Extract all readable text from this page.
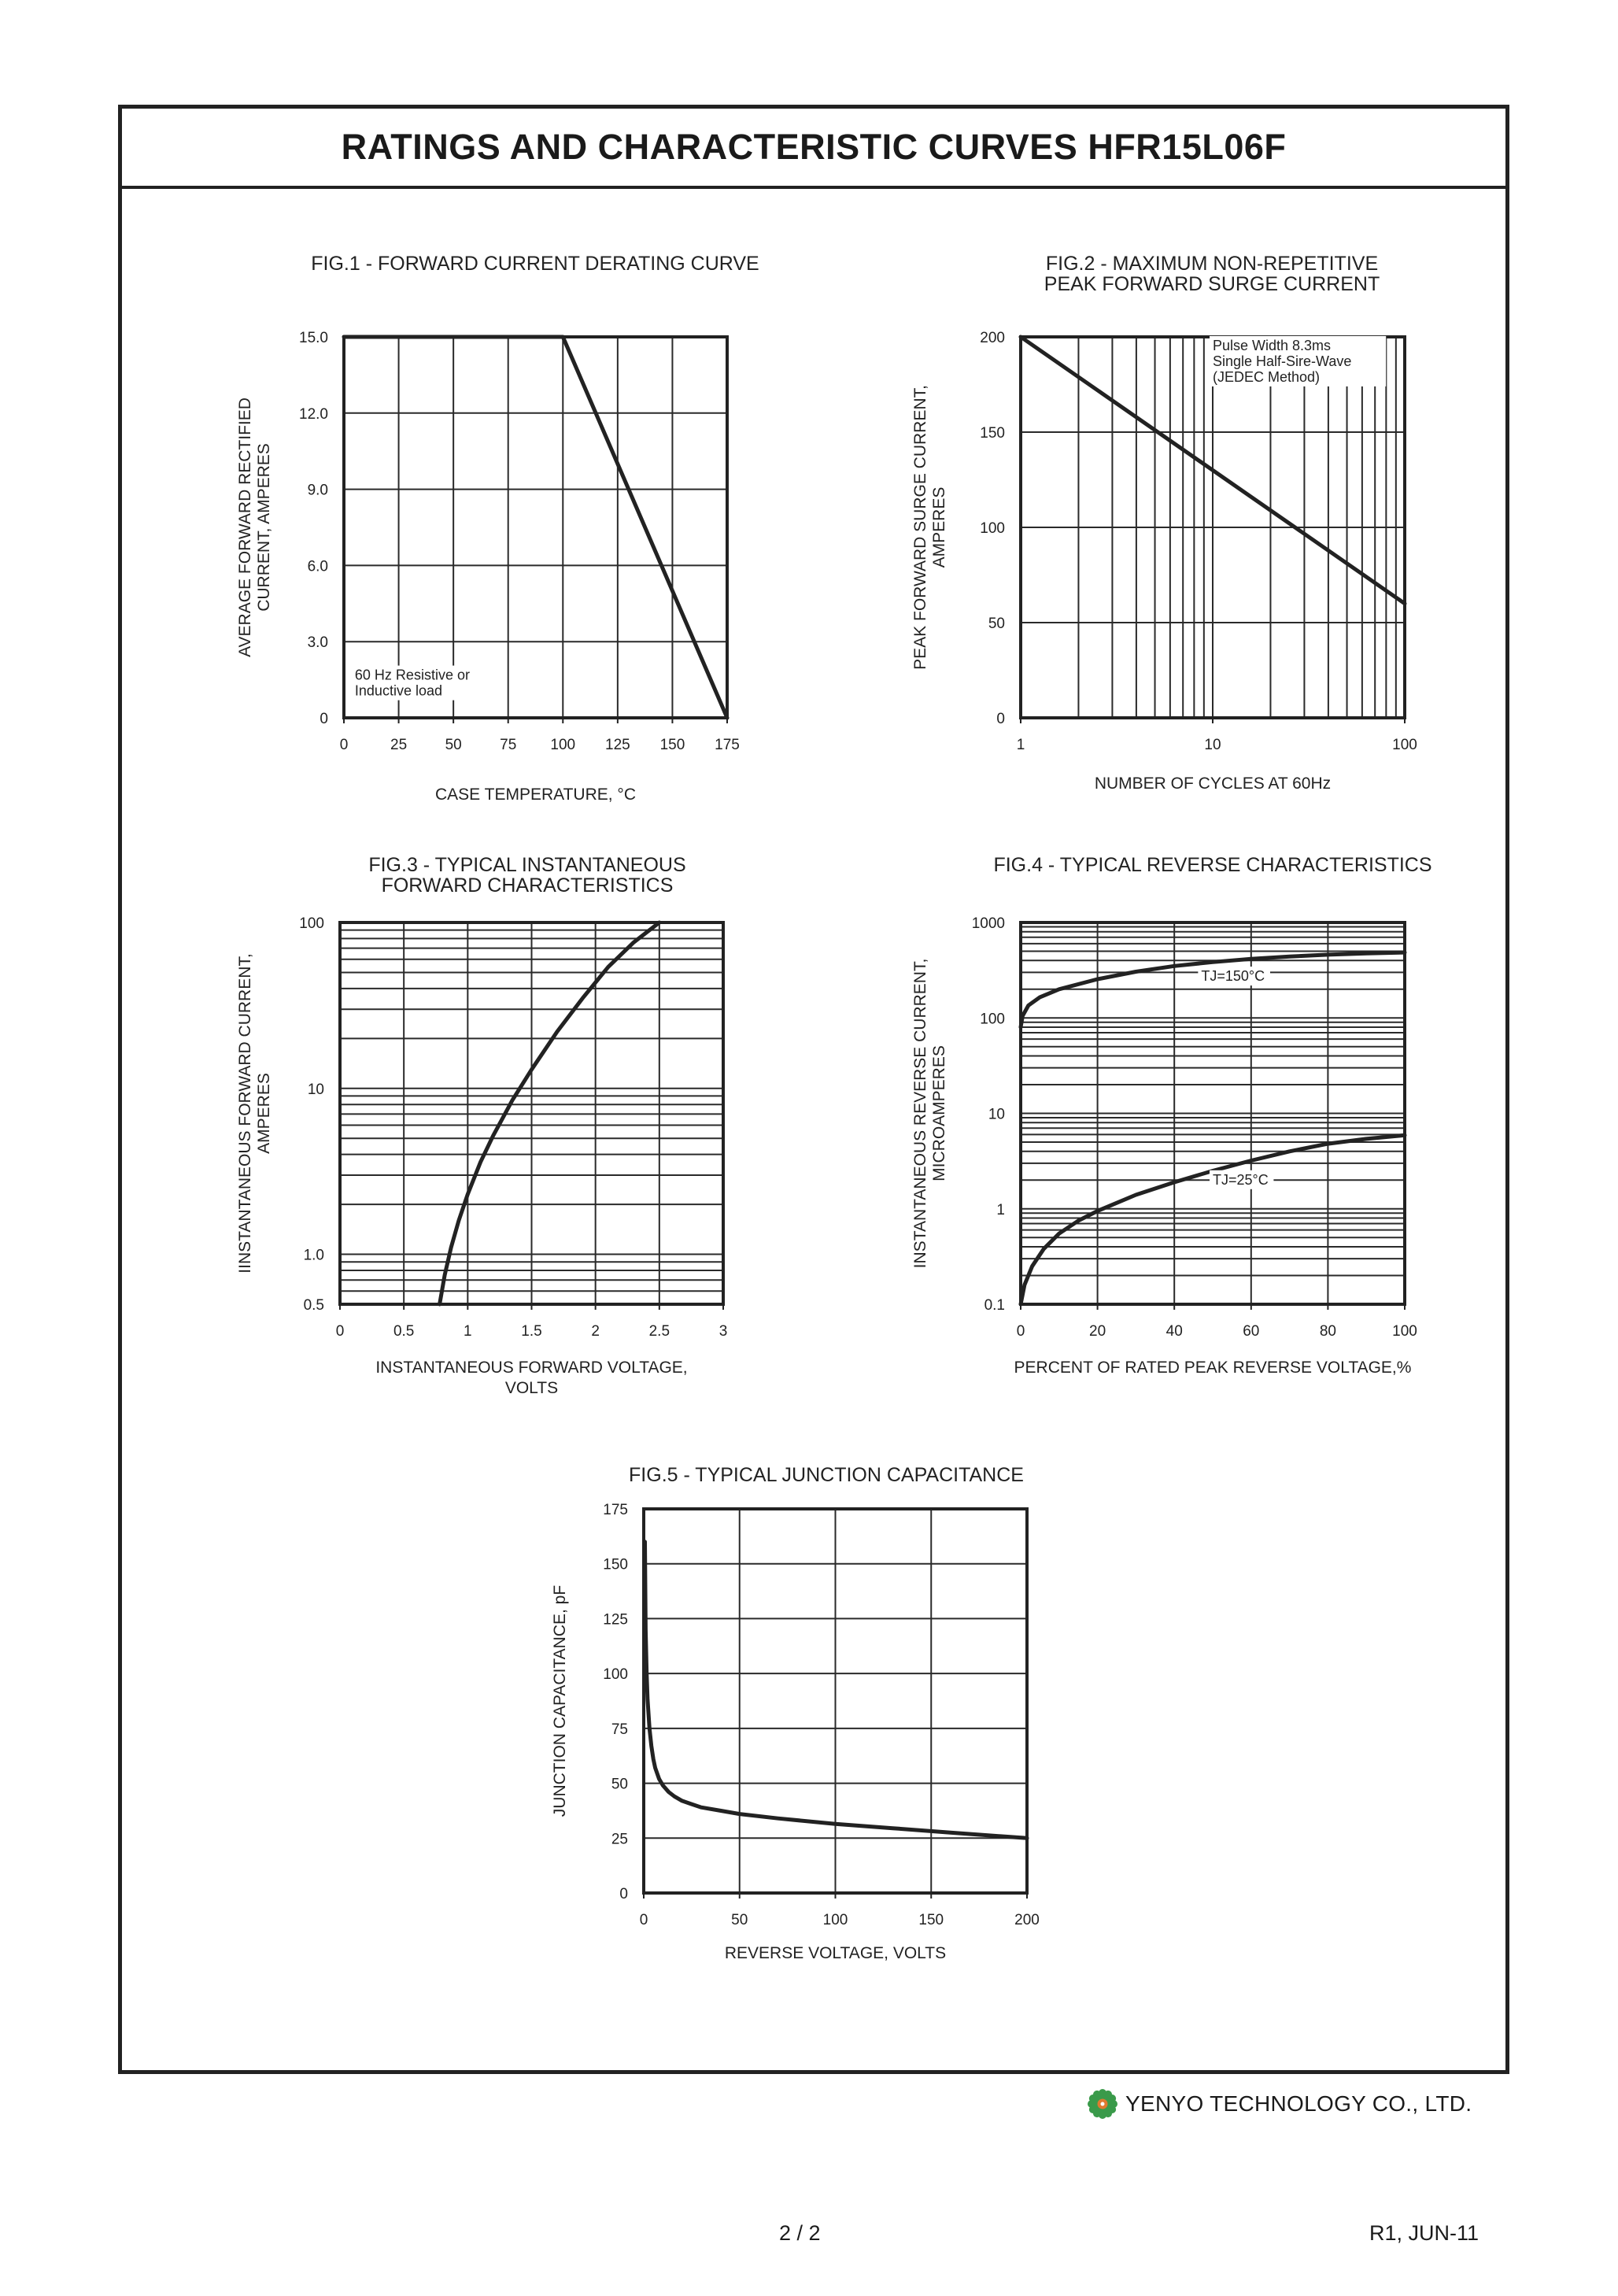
RATINGS AND CHARACTERISTIC CURVES HFR15L06F
FIG.1 - FORWARD CURRENT DERATING CURVE
0	25	50	75 100 125 150 175
0
3.0
6.0
9.0
12.0
15.0
CASE TEMPERATURE, °C
AVERAGE FORWARD RECTIFIED CURRENT, AMPERES
60 Hz Resistive or
Inductive load
FIG.2 - MAXIMUM NON-REPETITIVE
PEAK FORWARD SURGE CURRENT
1	10	100
0
50
100
150
200
NUMBER OF CYCLES AT 60Hz
PEAK FORWARD SURGE CURRENT, AMPERES
Pulse Width 8.3ms
Single Half-Sire-Wave
(JEDEC Method)
FIG.3 - TYPICAL INSTANTANEOUS
FORWARD CHARACTERISTICS
0	0.5	1	1.5	2	2.5	3
0.5
1.0
10
100
INSTANTANEOUS FORWARD VOLTAGE,
VOLTS
IINSTANTANEOUS FORWARD CURRENT, AMPERES
FIG.4 - TYPICAL REVERSE CHARACTERISTICS
0	20	40	60	80	100
0.1
1
10
100
1000
PERCENT OF RATED PEAK REVERSE VOLTAGE,%
INSTANTANEOUS REVERSE CURRENT, MICROAMPERES
TJ=150°C
TJ=25°C
FIG.5 - TYPICAL JUNCTION CAPACITANCE
0	50	100	150	200
0
25
50
75
100
125
150
175
REVERSE VOLTAGE, VOLTS
JUNCTION CAPACITANCE, pF
YENYO TECHNOLOGY CO., LTD.
2 / 2	R1, JUN-11
